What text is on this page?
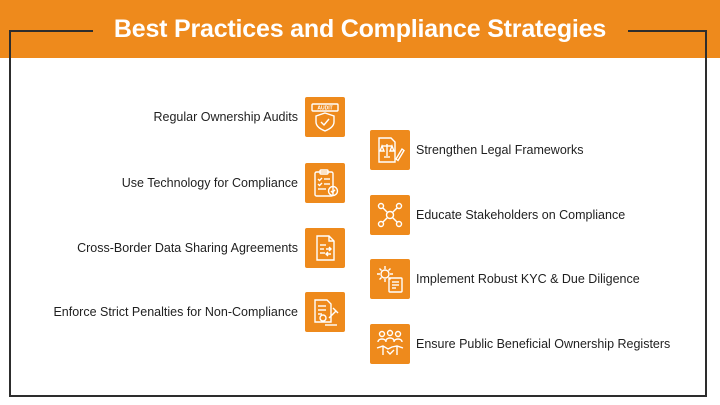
Best Practices and Compliance Strategies
Regular Ownership Audits
AUDIT
Use Technology for Compliance
Cross-Border Data Sharing Agreements
Enforce Strict Penalties for Non-Compliance
Strengthen Legal Frameworks
Educate Stakeholders on Compliance
Implement Robust KYC & Due Diligence
Ensure Public Beneficial Ownership Registers
